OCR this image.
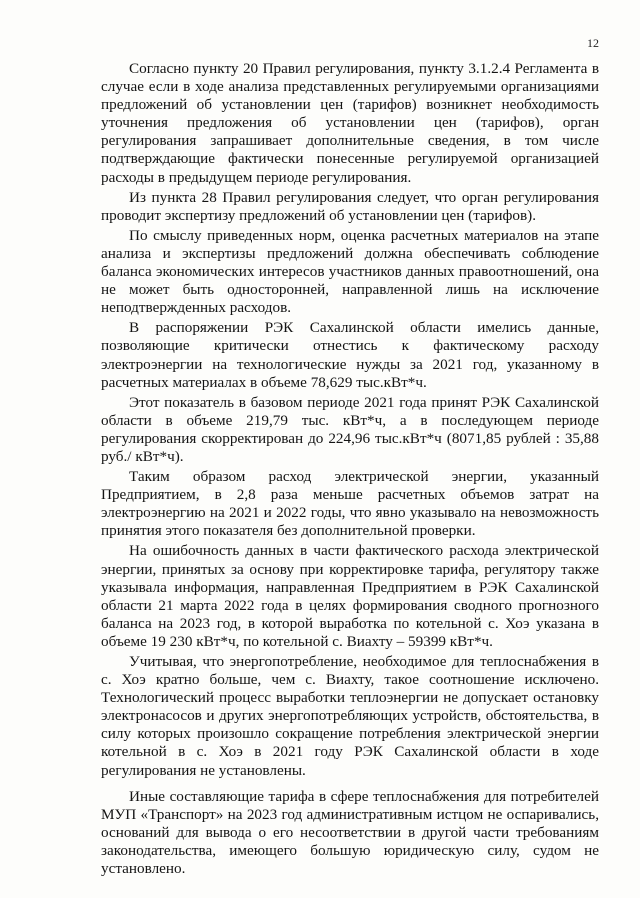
12

Согласно пункту 20 Правил регулирования, пункту 3.1.2.4 Регламента в случае если в ходе анализа представленных регулируемыми организациями предложений об установлении цен (тарифов) возникнет необходимость уточнения предложения об установлении цен (тарифов), орган регулирования запрашивает дополнительные сведения, в том числе подтверждающие фактически понесенные регулируемой организацией расходы в предыдущем периоде регулирования.

Из пункта 28 Правил регулирования следует, что орган регулирования проводит экспертизу предложений об установлении цен (тарифов).

По смыслу приведенных норм, оценка расчетных материалов на этапе анализа и экспертизы предложений должна обеспечивать соблюдение баланса экономических интересов участников данных правоотношений, она не может быть односторонней, направленной лишь на исключение неподтвержденных расходов.

В распоряжении РЭК Сахалинской области имелись данные, позволяющие критически отнестись к фактическому расходу электроэнергии на технологические нужды за 2021 год, указанному в расчетных материалах в объеме 78,629 тыс.кВт*ч.

Этот показатель в базовом периоде 2021 года принят РЭК Сахалинской области в объеме 219,79 тыс. кВт*ч, а в последующем периоде регулирования скорректирован до 224,96 тыс.кВт*ч (8071,85 рублей : 35,88 руб./ кВт*ч).

Таким образом расход электрической энергии, указанный Предприятием, в 2,8 раза меньше расчетных объемов затрат на электроэнергию на 2021 и 2022 годы, что явно указывало на невозможность принятия этого показателя без дополнительной проверки.

На ошибочность данных в части фактического расхода электрической энергии, принятых за основу при корректировке тарифа, регулятору также указывала информация, направленная Предприятием в РЭК Сахалинской области 21 марта 2022 года в целях формирования сводного прогнозного баланса на 2023 год, в которой выработка по котельной с. Хоэ указана в объеме 19 230 кВт*ч, по котельной с. Виахту – 59399 кВт*ч.

Учитывая, что энергопотребление, необходимое для теплоснабжения в с. Хоэ кратно больше, чем с. Виахту, такое соотношение исключено. Технологический процесс выработки теплоэнергии не допускает остановку электронасосов и других энергопотребляющих устройств, обстоятельства, в силу которых произошло сокращение потребления электрической энергии котельной в с. Хоэ в 2021 году РЭК Сахалинской области в ходе регулирования не установлены.

Иные составляющие тарифа в сфере теплоснабжения для потребителей МУП «Транспорт» на 2023 год административным истцом не оспаривались, оснований для вывода о его несоответствии в другой части требованиям законодательства, имеющего большую юридическую силу, судом не установлено.
